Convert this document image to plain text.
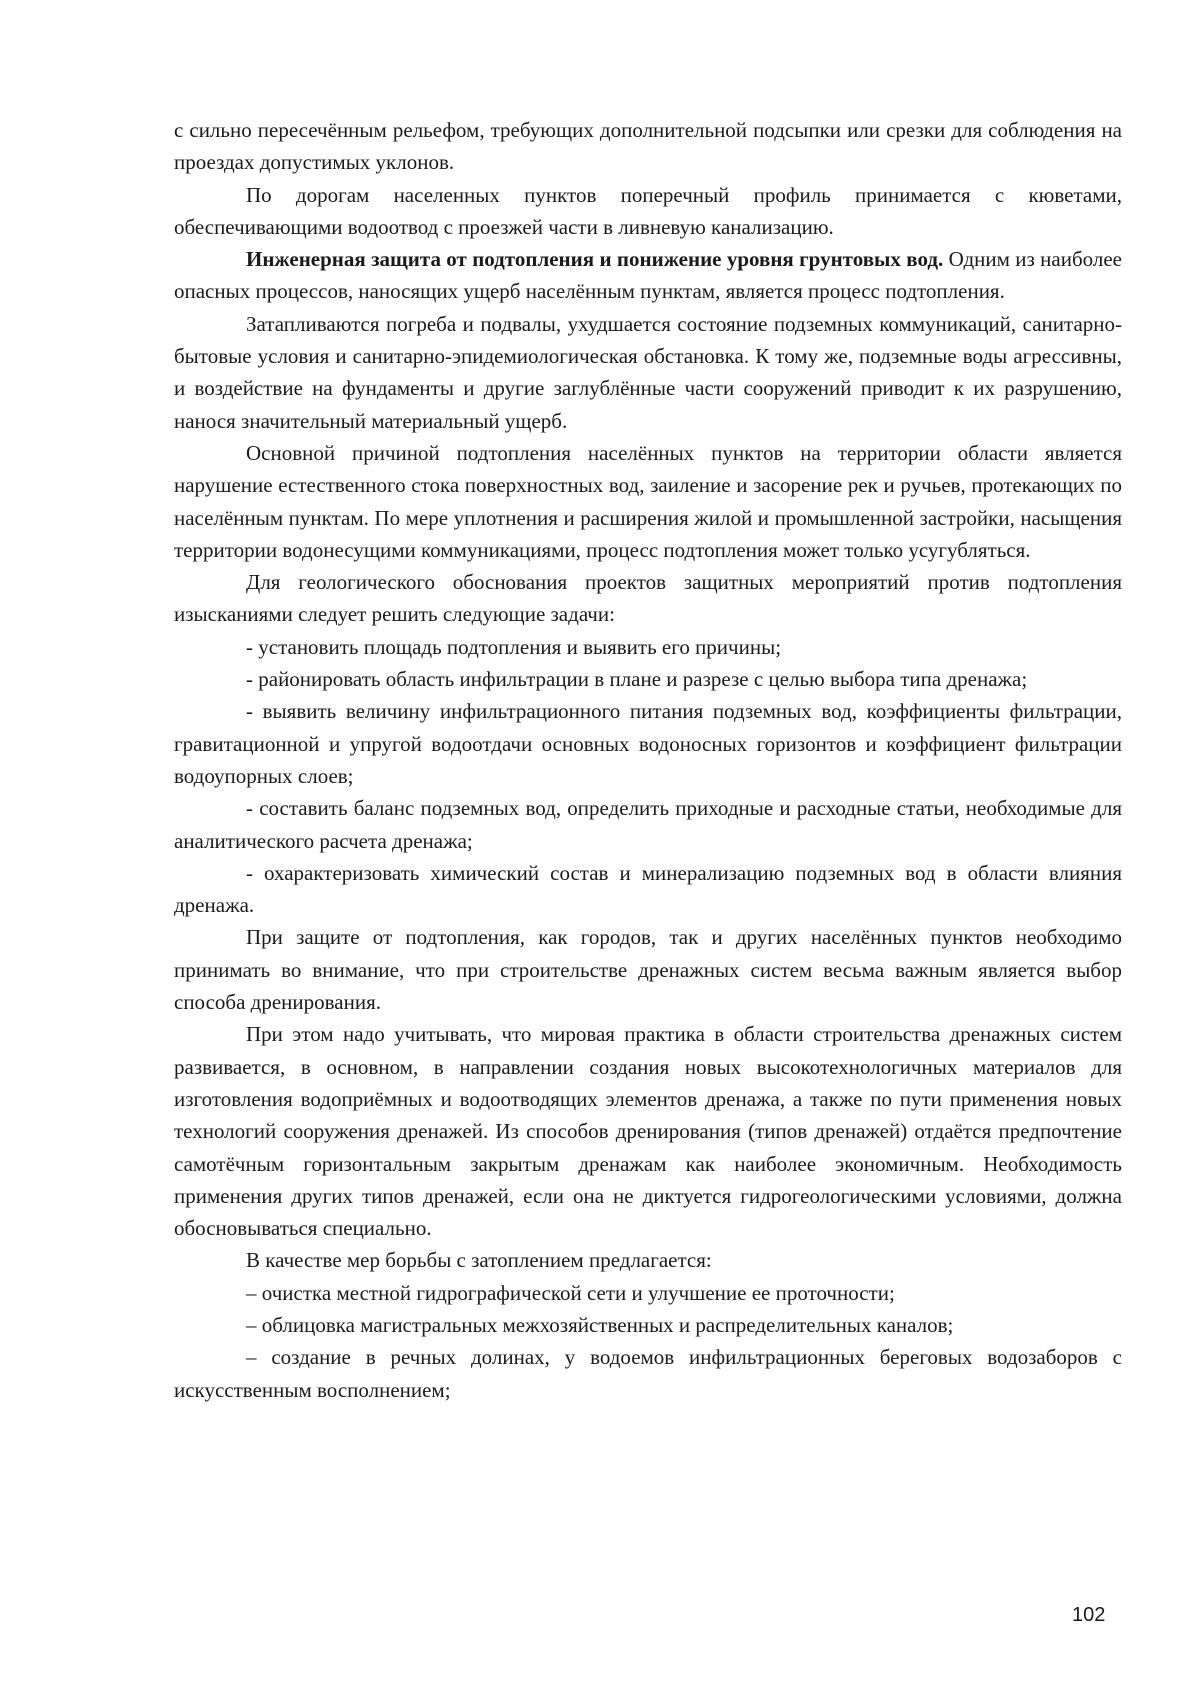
с сильно пересечённым рельефом, требующих дополнительной подсыпки или срезки для соблюдения на проездах допустимых уклонов.

По дорогам населенных пунктов поперечный профиль принимается с кюветами, обеспечивающими водоотвод с проезжей части в ливневую канализацию.

Инженерная защита от подтопления и понижение уровня грунтовых вод. Одним из наиболее опасных процессов, наносящих ущерб населённым пунктам, является процесс подтопления.

Затапливаются погреба и подвалы, ухудшается состояние подземных коммуникаций, санитарно-бытовые условия и санитарно-эпидемиологическая обстановка. К тому же, подземные воды агрессивны, и воздействие на фундаменты и другие заглублённые части сооружений приводит к их разрушению, нанося значительный материальный ущерб.

Основной причиной подтопления населённых пунктов на территории области является нарушение естественного стока поверхностных вод, заиление и засорение рек и ручьев, протекающих по населённым пунктам. По мере уплотнения и расширения жилой и промышленной застройки, насыщения территории водонесущими коммуникациями, процесс подтопления может только усугубляться.

Для геологического обоснования проектов защитных мероприятий против подтопления изысканиями следует решить следующие задачи:

- установить площадь подтопления и выявить его причины;

- районировать область инфильтрации в плане и разрезе с целью выбора типа дренажа;

- выявить величину инфильтрационного питания подземных вод, коэффициенты фильтрации, гравитационной и упругой водоотдачи основных водоносных горизонтов и коэффициент фильтрации водоупорных слоев;

- составить баланс подземных вод, определить приходные и расходные статьи, необходимые для аналитического расчета дренажа;

- охарактеризовать химический состав и минерализацию подземных вод в области влияния дренажа.

При защите от подтопления, как городов, так и других населённых пунктов необходимо принимать во внимание, что при строительстве дренажных систем весьма важным является выбор способа дренирования.

При этом надо учитывать, что мировая практика в области строительства дренажных систем развивается, в основном, в направлении создания новых высокотехнологичных материалов для изготовления водоприёмных и водоотводящих элементов дренажа, а также по пути применения новых технологий сооружения дренажей. Из способов дренирования (типов дренажей) отдаётся предпочтение самотёчным горизонтальным закрытым дренажам как наиболее экономичным. Необходимость применения других типов дренажей, если она не диктуется гидрогеологическими условиями, должна обосновываться специально.

В качестве мер борьбы с затоплением предлагается:

– очистка местной гидрографической сети и улучшение ее проточности;

– облицовка магистральных межхозяйственных и распределительных каналов;

– создание в речных долинах, у водоемов инфильтрационных береговых водозаборов с искусственным восполнением;

102
